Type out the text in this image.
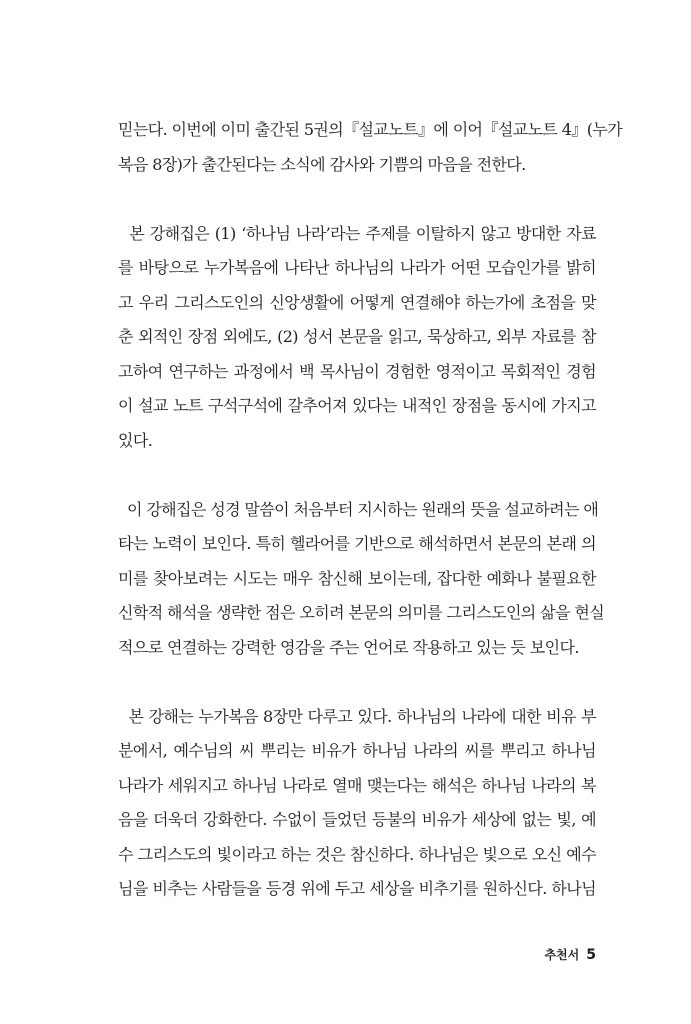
믿는다. 이번에 이미 출간된 5권의『설교노트』에 이어『설교노트 4』(누가
복음 8장)가 출간된다는 소식에 감사와 기쁨의 마음을 전한다.
본 강해집은 (1) ‘하나님 나라’라는 주제를 이탈하지 않고 방대한 자료
를 바탕으로 누가복음에 나타난 하나님의 나라가 어떤 모습인가를 밝히
고 우리 그리스도인의 신앙생활에 어떻게 연결해야 하는가에 초점을 맞
춘 외적인 장점 외에도, (2) 성서 본문을 읽고, 묵상하고, 외부 자료를 참
고하여 연구하는 과정에서 백 목사님이 경험한 영적이고 목회적인 경험
이 설교 노트 구석구석에 갈추어져 있다는 내적인 장점을 동시에 가지고
있다.
이 강해집은 성경 말씀이 처음부터 지시하는 원래의 뜻을 설교하려는 애
타는 노력이 보인다. 특히 헬라어를 기반으로 해석하면서 본문의 본래 의
미를 찾아보려는 시도는 매우 참신해 보이는데, 잡다한 예화나 불필요한
신학적 해석을 생략한 점은 오히려 본문의 의미를 그리스도인의 삶을 현실
적으로 연결하는 강력한 영감을 주는 언어로 작용하고 있는 듯 보인다.
본 강해는 누가복음 8장만 다루고 있다. 하나님의 나라에 대한 비유 부
분에서, 예수님의 씨 뿌리는 비유가 하나님 나라의 씨를 뿌리고 하나님
나라가 세워지고 하나님 나라로 열매 맺는다는 해석은 하나님 나라의 복
음을 더욱더 강화한다. 수없이 들었던 등불의 비유가 세상에 없는 빛, 예
수 그리스도의 빛이라고 하는 것은 참신하다. 하나님은 빛으로 오신 예수
님을 비추는 사람들을 등경 위에 두고 세상을 비추기를 원하신다. 하나님
추천서 5
